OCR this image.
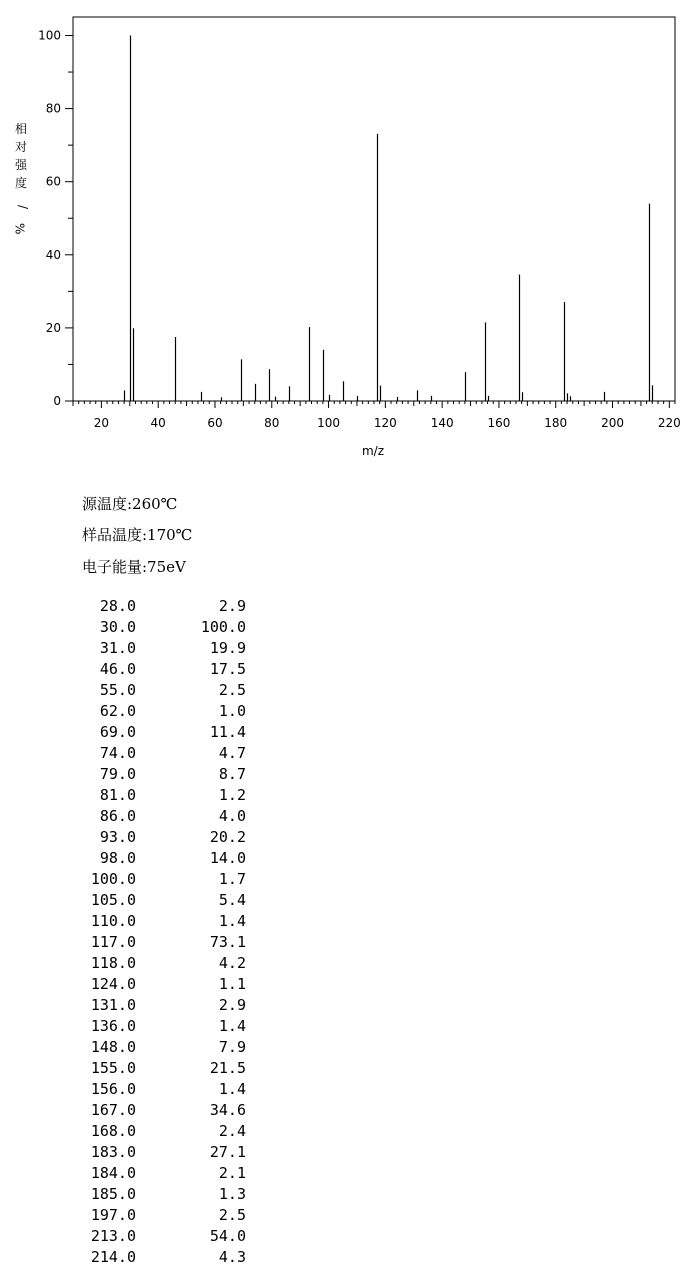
0
20
40
60
80
100
20	40	60	80	100	120	140	160	180	200	220
相对强度/ %
m/z
源温度:260℃
样品温度:170℃
电子能量:75eV
28.0	2.9
30.0	100.0
31.0	19.9
46.0	17.5
55.0	2.5
62.0	1.0
69.0	11.4
74.0	4.7
79.0	8.7
81.0	1.2
86.0	4.0
93.0	20.2
98.0	14.0
100.0	1.7
105.0	5.4
110.0	1.4
117.0	73.1
118.0	4.2
124.0	1.1
131.0	2.9
136.0	1.4
148.0	7.9
155.0	21.5
156.0	1.4
167.0	34.6
168.0	2.4
183.0	27.1
184.0	2.1
185.0	1.3
197.0	2.5
213.0	54.0
214.0	4.3
